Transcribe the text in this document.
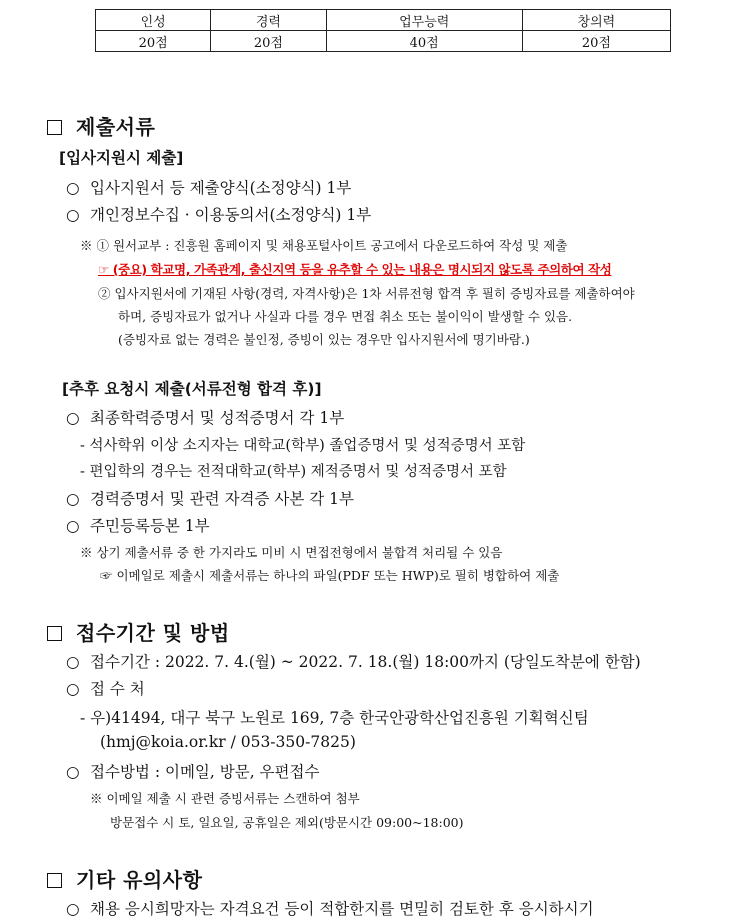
인성	경력	업무능력	창의력
20점	20점	40점	20점
제출서류
[입사지원시 제출]
○ 입사지원서 등 제출양식(소정양식) 1부
○ 개인정보수집 · 이용동의서(소정양식) 1부
※ ① 원서교부 : 진흥원 홈페이지 및 채용포털사이트 공고에서 다운로드하여 작성 및 제출
☞ (중요) 학교명, 가족관계, 출신지역 등을 유추할 수 있는 내용은 명시되지 않도록 주의하여 작성
② 입사지원서에 기재된 사항(경력, 자격사항)은 1차 서류전형 합격 후 필히 증빙자료를 제출하여야
하며, 증빙자료가 없거나 사실과 다를 경우 면접 취소 또는 불이익이 발생할 수 있음.
(증빙자료 없는 경력은 불인정, 증빙이 있는 경우만 입사지원서에 명기바람.)
[추후 요청시 제출(서류전형 합격 후)]
○ 최종학력증명서 및 성적증명서 각 1부
- 석사학위 이상 소지자는 대학교(학부) 졸업증명서 및 성적증명서 포함
- 편입학의 경우는 전적대학교(학부) 제적증명서 및 성적증명서 포함
○ 경력증명서 및 관련 자격증 사본 각 1부
○ 주민등록등본 1부
※ 상기 제출서류 중 한 가지라도 미비 시 면접전형에서 불합격 처리될 수 있음
☞ 이메일로 제출시 제출서류는 하나의 파일(PDF 또는 HWP)로 필히 병합하여 제출
접수기간 및 방법
○ 접수기간 : 2022. 7. 4.(월) ~ 2022. 7. 18.(월) 18:00까지 (당일도착분에 한함)
○ 접 수 처
- 우)41494, 대구 북구 노원로 169, 7층 한국안광학산업진흥원 기획혁신팀
(hmj@koia.or.kr / 053-350-7825)
○ 접수방법 : 이메일, 방문, 우편접수
※ 이메일 제출 시 관련 증빙서류는 스캔하여 첨부
방문접수 시 토, 일요일, 공휴일은 제외(방문시간 09:00~18:00)
기타 유의사항
○ 채용 응시희망자는 자격요건 등이 적합한지를 면밀히 검토한 후 응시하시기
